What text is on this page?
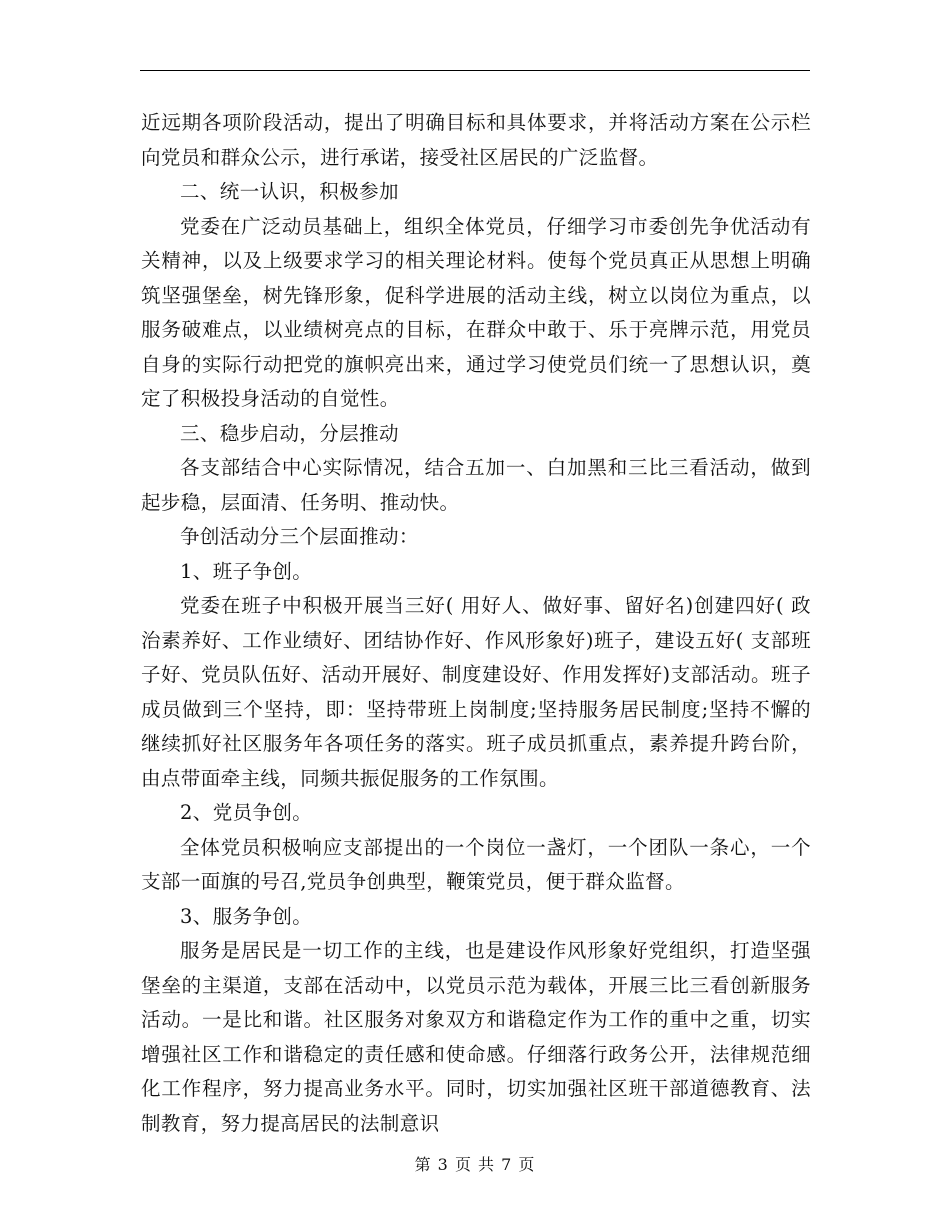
近远期各项阶段活动，提出了明确目标和具体要求，并将活动方案在公示栏向党员和群众公示，进行承诺，接受社区居民的广泛监督。

二、统一认识，积极参加

党委在广泛动员基础上，组织全体党员，仔细学习市委创先争优活动有关精神，以及上级要求学习的相关理论材料。使每个党员真正从思想上明确筑坚强堡垒，树先锋形象，促科学进展的活动主线，树立以岗位为重点，以服务破难点，以业绩树亮点的目标，在群众中敢于、乐于亮牌示范，用党员自身的实际行动把党的旗帜亮出来，通过学习使党员们统一了思想认识，奠定了积极投身活动的自觉性。

三、稳步启动，分层推动

各支部结合中心实际情况，结合五加一、白加黑和三比三看活动，做到起步稳，层面清、任务明、推动快。

争创活动分三个层面推动：

1、班子争创。

党委在班子中积极开展当三好( 用好人、做好事、留好名)创建四好( 政治素养好、工作业绩好、团结协作好、作风形象好)班子，建设五好( 支部班子好、党员队伍好、活动开展好、制度建设好、作用发挥好)支部活动。班子成员做到三个坚持，即：坚持带班上岗制度;坚持服务居民制度;坚持不懈的继续抓好社区服务年各项任务的落实。班子成员抓重点，素养提升跨台阶，由点带面牵主线，同频共振促服务的工作氛围。

2、党员争创。

全体党员积极响应支部提出的一个岗位一盏灯，一个团队一条心，一个支部一面旗的号召,党员争创典型，鞭策党员，便于群众监督。

3、服务争创。

服务是居民是一切工作的主线，也是建设作风形象好党组织，打造坚强堡垒的主渠道，支部在活动中，以党员示范为载体，开展三比三看创新服务活动。一是比和谐。社区服务对象双方和谐稳定作为工作的重中之重，切实增强社区工作和谐稳定的责任感和使命感。仔细落行政务公开，法律规范细化工作程序，努力提高业务水平。同时，切实加强社区班干部道德教育、法制教育，努力提高居民的法制意识

第 3 页 共 7 页
